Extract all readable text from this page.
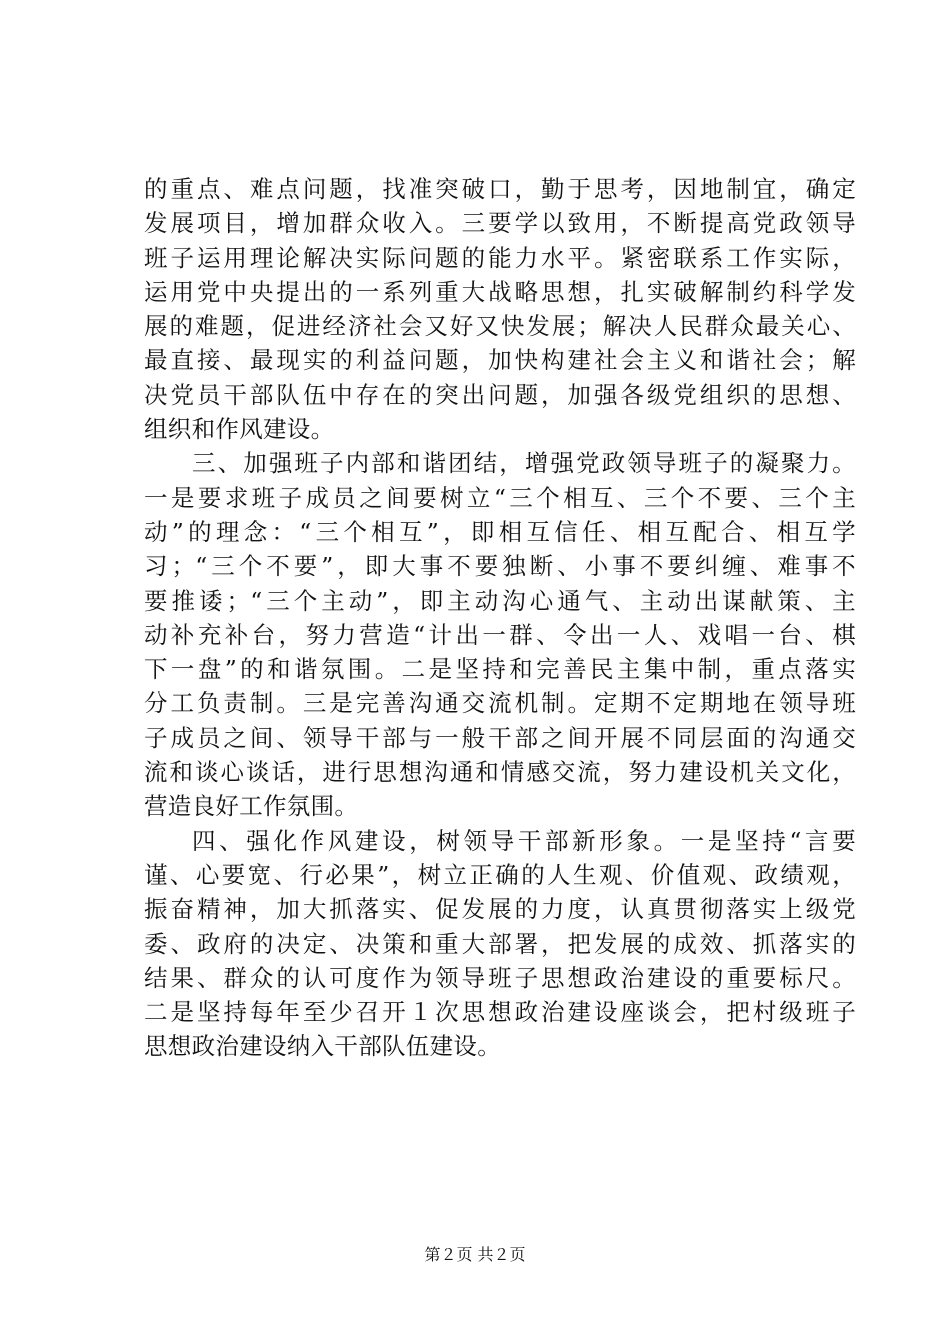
的重点、难点问题，找准突破口，勤于思考，因地制宜，确定
发展项目，增加群众收入。三要学以致用，不断提高党政领导
班子运用理论解决实际问题的能力水平。紧密联系工作实际，
运用党中央提出的一系列重大战略思想，扎实破解制约科学发
展的难题，促进经济社会又好又快发展；解决人民群众最关心、
最直接、最现实的利益问题，加快构建社会主义和谐社会；解
决党员干部队伍中存在的突出问题，加强各级党组织的思想、
组织和作风建设。
三、加强班子内部和谐团结，增强党政领导班子的凝聚力。
一是要求班子成员之间要树立“三个相互、三个不要、三个主
动”的理念：“三个相互”，即相互信任、相互配合、相互学
习；“三个不要”，即大事不要独断、小事不要纠缠、难事不
要推诿；“三个主动”，即主动沟心通气、主动出谋献策、主
动补充补台，努力营造“计出一群、令出一人、戏唱一台、棋
下一盘”的和谐氛围。二是坚持和完善民主集中制，重点落实
分工负责制。三是完善沟通交流机制。定期不定期地在领导班
子成员之间、领导干部与一般干部之间开展不同层面的沟通交
流和谈心谈话，进行思想沟通和情感交流，努力建设机关文化，
营造良好工作氛围。
四、强化作风建设，树领导干部新形象。一是坚持“言要
谨、心要宽、行必果”，树立正确的人生观、价值观、政绩观，
振奋精神，加大抓落实、促发展的力度，认真贯彻落实上级党
委、政府的决定、决策和重大部署，把发展的成效、抓落实的
结果、群众的认可度作为领导班子思想政治建设的重要标尺。
二是坚持每年至少召开１次思想政治建设座谈会，把村级班子
思想政治建设纳入干部队伍建设。
第２页 共２页
